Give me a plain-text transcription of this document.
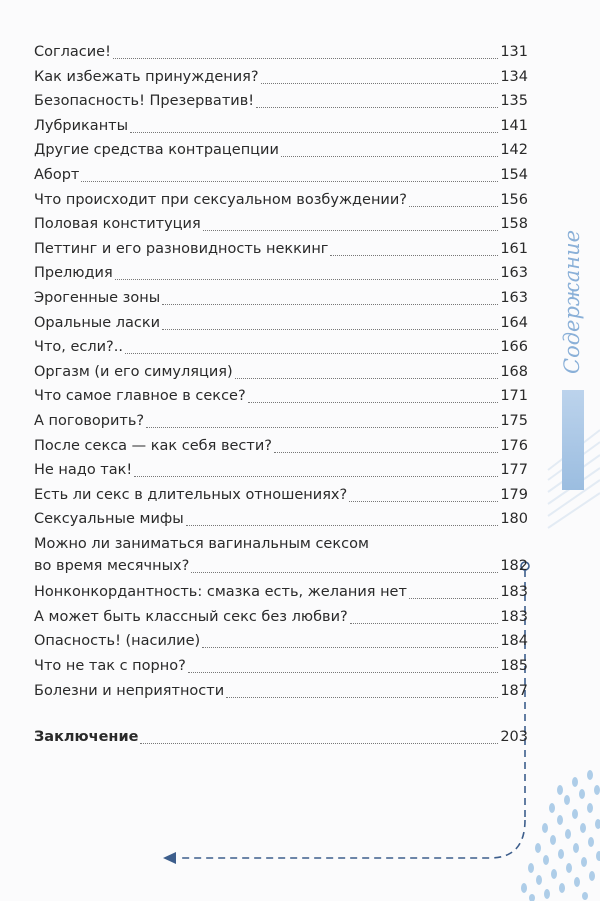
Содержание
Согласие!	131
Как избежать принуждения?	134
Безопасность! Презерватив!	135
Лубриканты	141
Другие средства контрацепции	142
Аборт	154
Что происходит при сексуальном возбуждении?	156
Половая конституция	158
Петтинг и его разновидность неккинг	161
Прелюдия	163
Эрогенные зоны	163
Оральные ласки	164
Что, если?..	166
Оргазм (и его симуляция)	168
Что самое главное в сексе?	171
А поговорить?	175
После секса — как себя вести?	176
Не надо так!	177
Есть ли секс в длительных отношениях?	179
Сексуальные мифы	180
Можно ли заниматься вагинальным сексом
во время месячных?	182
Нонконкордантность: смазка есть, желания нет	183
А может быть классный секс без любви?	183
Опасность! (насилие)	184
Что не так с порно?	185
Болезни и неприятности	187
Заключение	203
